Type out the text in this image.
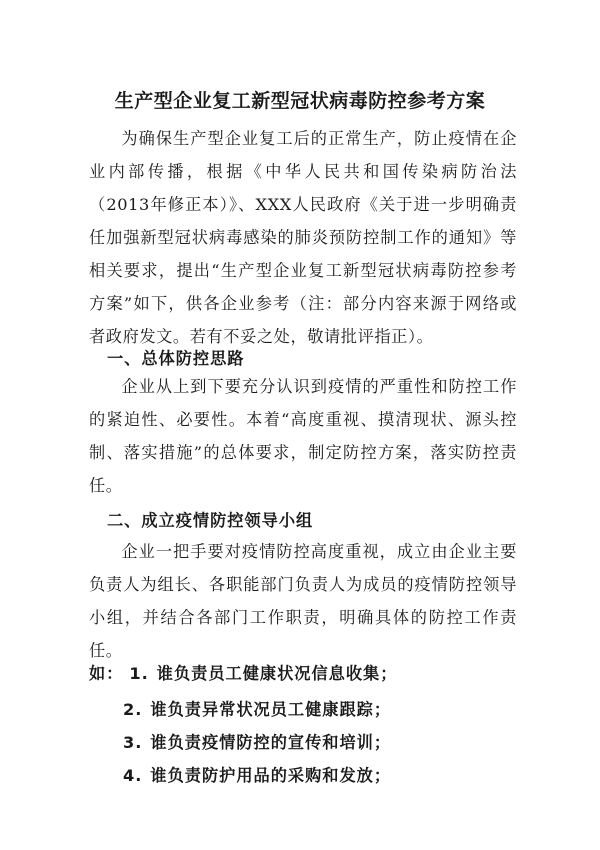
生产型企业复工新型冠状病毒防控参考方案

为确保生产型企业复工后的正常生产，防止疫情在企业内部传播，根据《中华人民共和国传染病防治法（2013年修正本）》、XXX人民政府《关于进一步明确责任加强新型冠状病毒感染的肺炎预防控制工作的通知》等相关要求，提出“生产型企业复工新型冠状病毒防控参考方案”如下，供各企业参考（注：部分内容来源于网络或者政府发文。若有不妥之处，敬请批评指正）。

一、总体防控思路

企业从上到下要充分认识到疫情的严重性和防控工作的紧迫性、必要性。本着“高度重视、摸清现状、源头控制、落实措施”的总体要求，制定防控方案，落实防控责任。

二、成立疫情防控领导小组

企业一把手要对疫情防控高度重视，成立由企业主要负责人为组长、各职能部门负责人为成员的疫情防控领导小组，并结合各部门工作职责，明确具体的防控工作责任。

如： 1. 谁负责员工健康状况信息收集；
2. 谁负责异常状况员工健康跟踪；
3. 谁负责疫情防控的宣传和培训；
4. 谁负责防护用品的采购和发放；
